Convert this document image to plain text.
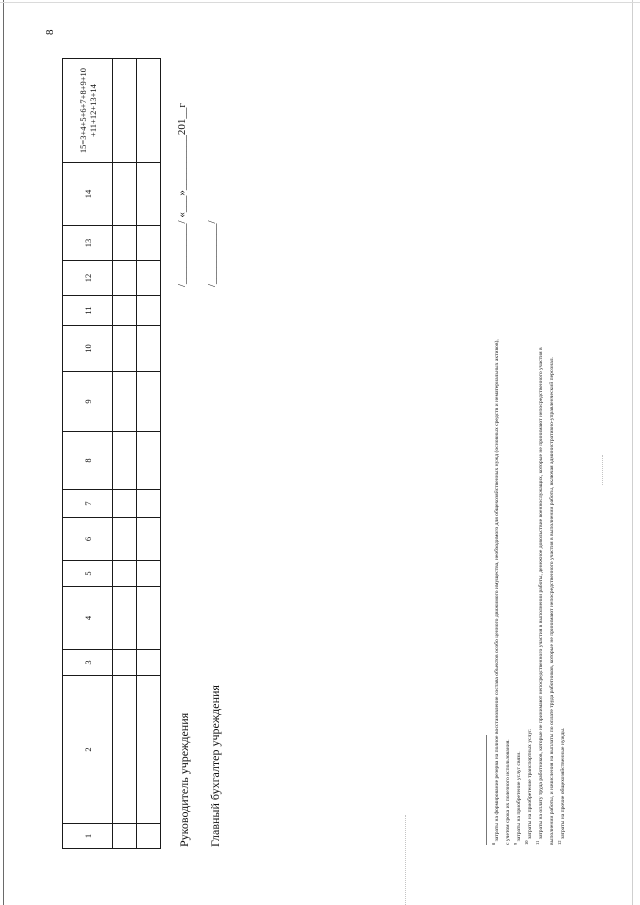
8
1	2	3	4	5	6	7	8	9	10	11	12	13	14	15=3+4+5+6+7+8+9+10
+11+12+13+14

Руководитель учреждения
/___________/ «___»__________201__г
Главный бухгалтер учреждения
/___________/
$^8$ затраты на формирование резерва на полное восстановление состава объектов особо ценного движимого имущества, необходимого для общехозяйственных нужд (основных средств и нематериальных активов), с учетом срока их полезного использования. $^9$ затраты на приобретение услуг связи.
$^{10}$ затраты на приобретение транспортных услуг.
$^{11}$ затраты на оплату труда работников, которые не принимают непосредственного участия в выполнении работы, денежное довольствие военнослужащих, которые не принимают непосредственного участия в выполнении работы, и начисления на выплаты по оплате труда работников, которые не принимают непосредственного участия в выполнении работы, включая административно-управленческий персонал. $^{12}$ затраты на прочие общехозяйственные нужды.
